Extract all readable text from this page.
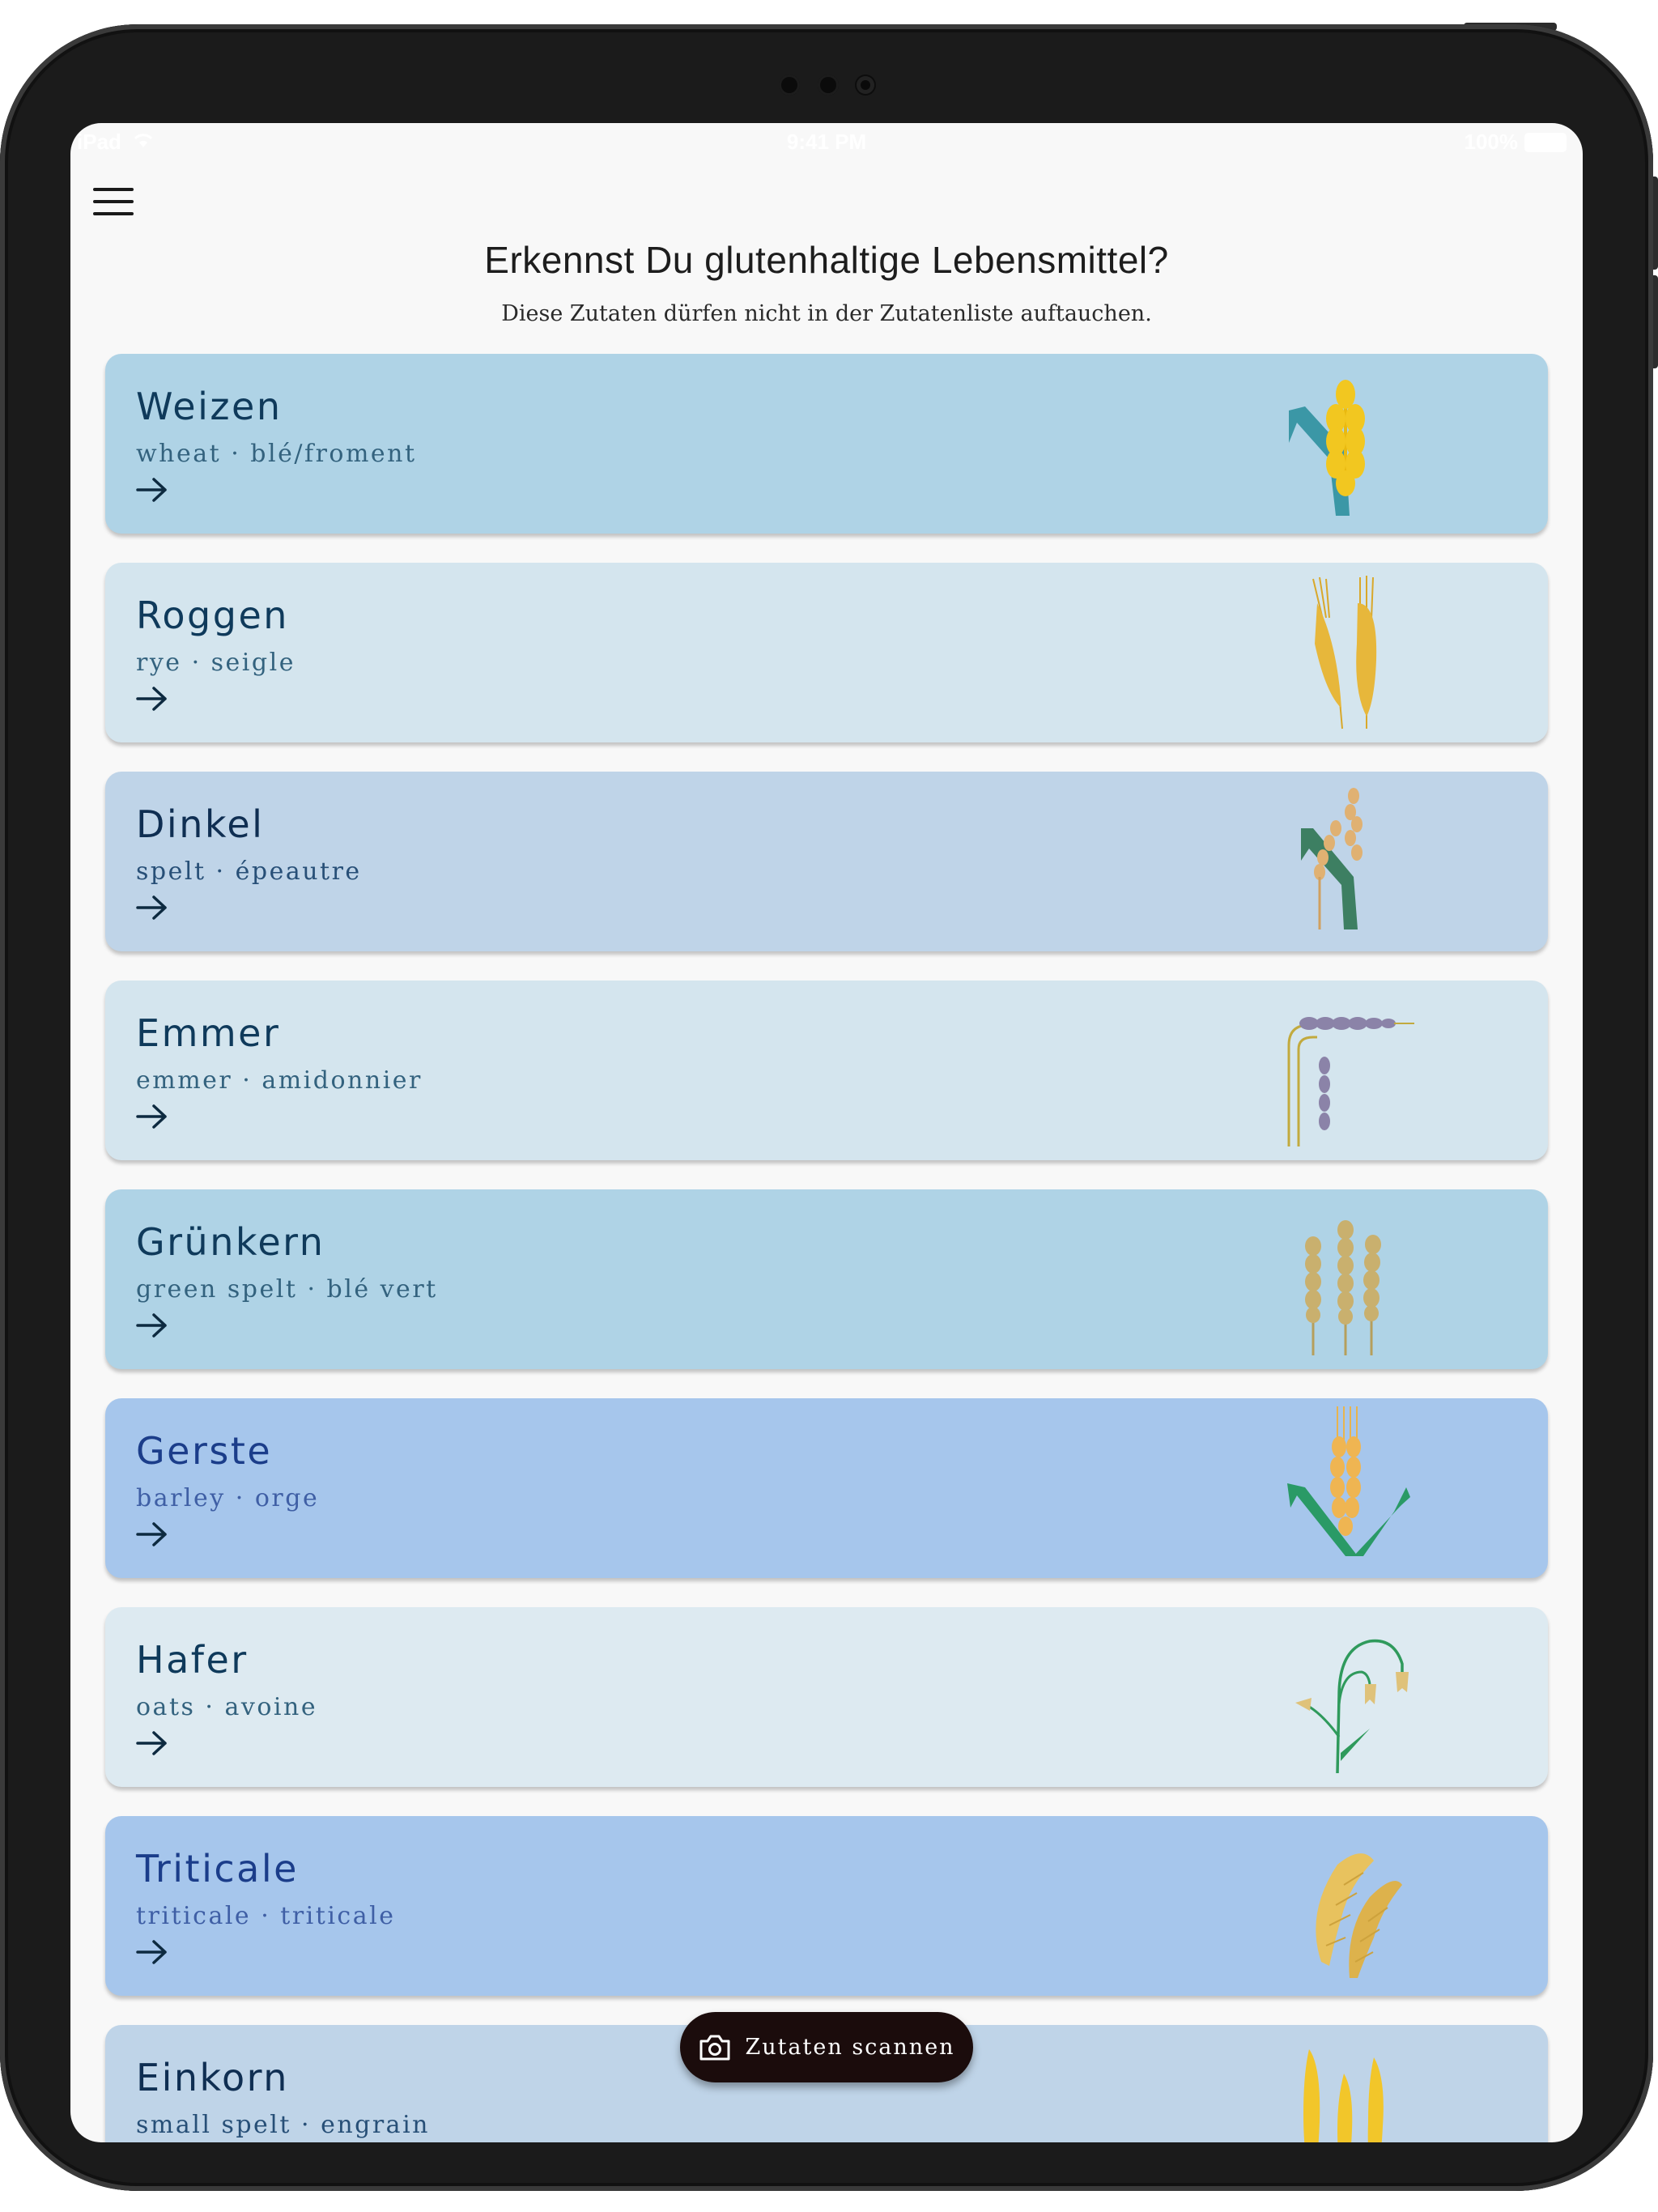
iPad	9:41 PM	100%
Erkennst Du glutenhaltige Lebensmittel?
Diese Zutaten dürfen nicht in der Zutatenliste auftauchen.
Weizen
wheat · blé/froment
Roggen
rye · seigle
Dinkel
spelt · épeautre
Emmer
emmer · amidonnier
Grünkern
green spelt · blé vert
Gerste
barley · orge
Hafer
oats · avoine
Triticale
triticale · triticale
Einkorn
small spelt · engrain
Zutaten scannen
